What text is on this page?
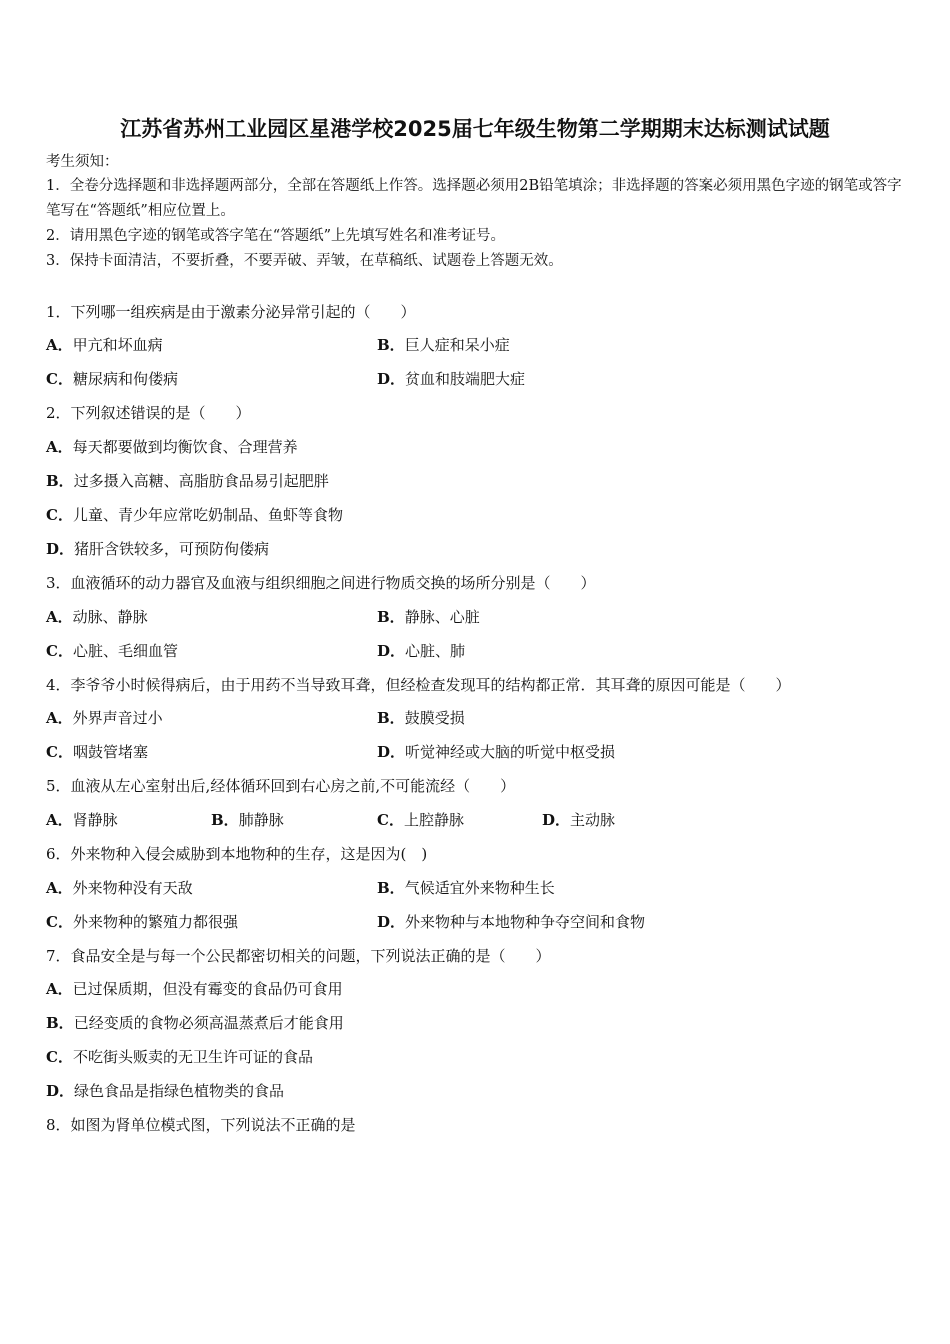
江苏省苏州工业园区星港学校2025届七年级生物第二学期期末达标测试试题
考生须知：
1．全卷分选择题和非选择题两部分，全部在答题纸上作答。选择题必须用2B铅笔填涂；非选择题的答案必须用黑色字迹的钢笔或答字笔写在“答题纸”相应位置上。
2．请用黑色字迹的钢笔或答字笔在“答题纸”上先填写姓名和准考证号。
3．保持卡面清洁，不要折叠，不要弄破、弄皱，在草稿纸、试题卷上答题无效。
1．下列哪一组疾病是由于激素分泌异常引起的（　　）
A．甲亢和坏血病	B．巨人症和呆小症
C．糖尿病和佝偻病	D．贫血和肢端肥大症
2．下列叙述错误的是（　　）
A．每天都要做到均衡饮食、合理营养
B．过多摄入高糖、高脂肪食品易引起肥胖
C．儿童、青少年应常吃奶制品、鱼虾等食物
D．猪肝含铁较多，可预防佝偻病
3．血液循环的动力器官及血液与组织细胞之间进行物质交换的场所分别是（　　）
A．动脉、静脉	B．静脉、心脏
C．心脏、毛细血管	D．心脏、肺
4．李爷爷小时候得病后，由于用药不当导致耳聋，但经检查发现耳的结构都正常．其耳聋的原因可能是（　　）
A．外界声音过小	B．鼓膜受损
C．咽鼓管堵塞	D．听觉神经或大脑的听觉中枢受损
5．血液从左心室射出后,经体循环回到右心房之前,不可能流经（　　）
A．肾静脉	B．肺静脉	C．上腔静脉	D．主动脉
6．外来物种入侵会威胁到本地物种的生存，这是因为(　)
A．外来物种没有天敌	B．气候适宜外来物种生长
C．外来物种的繁殖力都很强	D．外来物种与本地物种争夺空间和食物
7．食品安全是与每一个公民都密切相关的问题，下列说法正确的是（　　）
A．已过保质期，但没有霉变的食品仍可食用
B．已经变质的食物必须高温蒸煮后才能食用
C．不吃街头贩卖的无卫生许可证的食品
D．绿色食品是指绿色植物类的食品
8．如图为肾单位模式图，下列说法不正确的是
